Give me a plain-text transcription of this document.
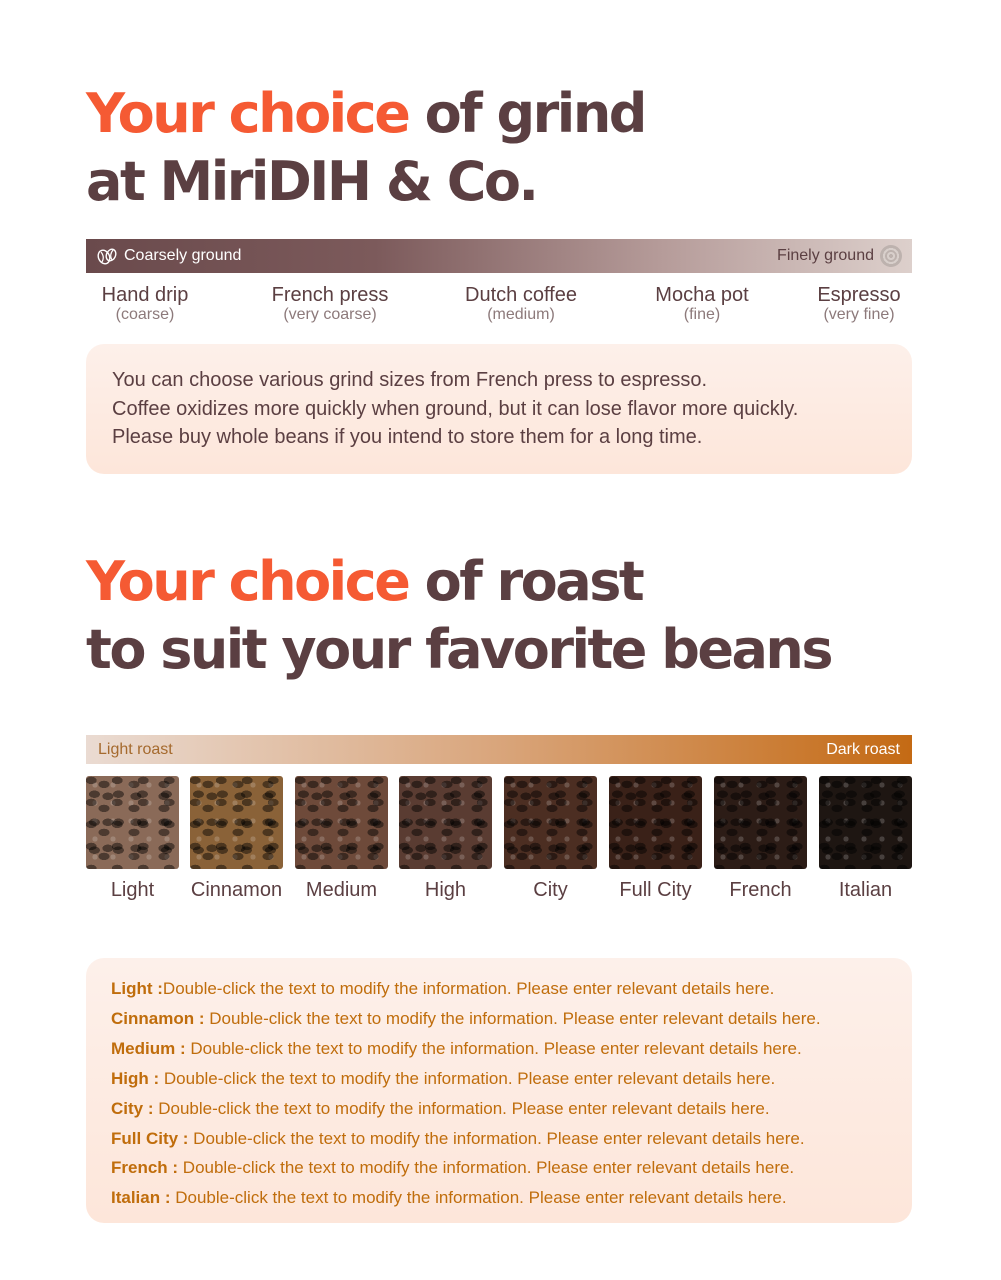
Your choice of grind
at MiriDIH & Co.
Coarsely ground	Finely ground
Hand drip
(coarse)
French press
(very coarse)
Dutch coffee
(medium)
Mocha pot
(fine)
Espresso
(very fine)

You can choose various grind sizes from French press to espresso.

Coffee oxidizes more quickly when ground, but it can lose flavor more quickly.

Please buy whole beans if you intend to store them for a long time.

Your choice of roast
to suit your favorite beans
Light roast	Dark roast
Light	Cinnamon	Medium	High	City	Full City	French	Italian
Light :Double-click the text to modify the information. Please enter relevant details here.
Cinnamon : Double-click the text to modify the information. Please enter relevant details here.
Medium : Double-click the text to modify the information. Please enter relevant details here.
High : Double-click the text to modify the information. Please enter relevant details here.
City : Double-click the text to modify the information. Please enter relevant details here.
Full City : Double-click the text to modify the information. Please enter relevant details here.
French : Double-click the text to modify the information. Please enter relevant details here.
Italian : Double-click the text to modify the information. Please enter relevant details here.
